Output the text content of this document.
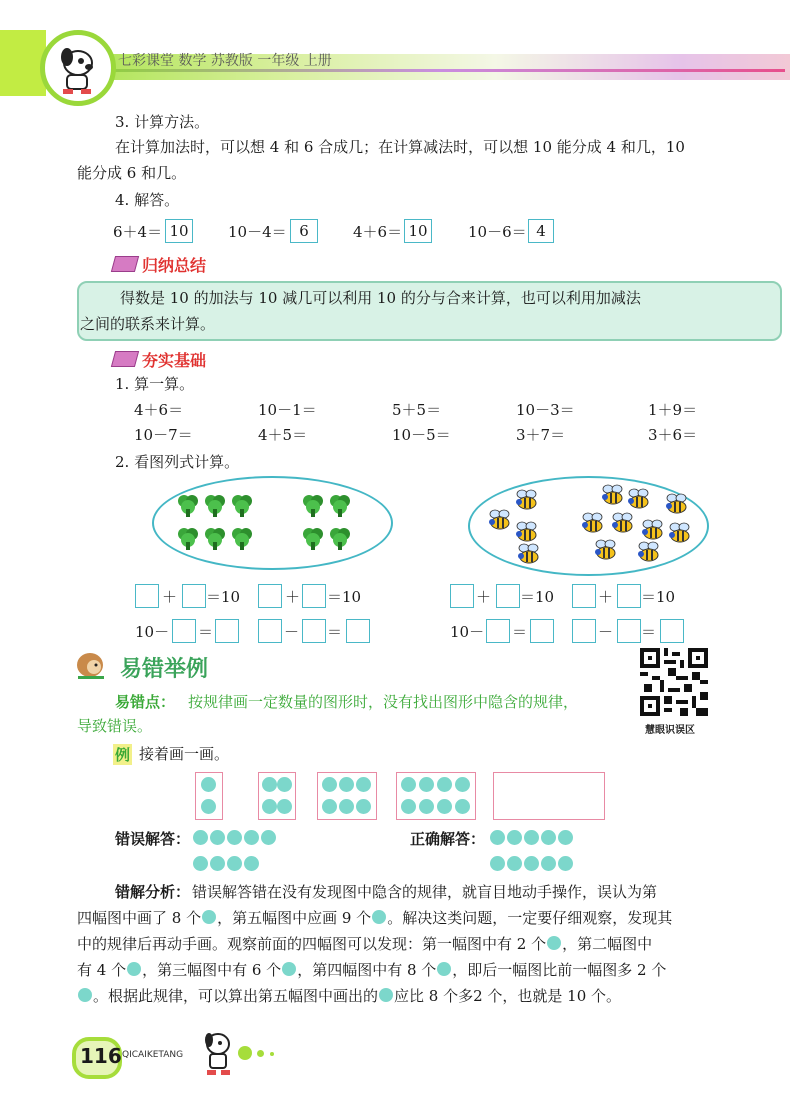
七彩课堂 数学 苏教版 一年级 上册
3. 计算方法。
在计算加法时，可以想 4 和 6 合成几；在计算减法时，可以想 10 能分成 4 和几，10
能分成 6 和几。
4. 解答。
6＋4＝ 10	10－4＝ 6	4＋6＝ 10	10－6＝ 4
归纳总结
得数是 10 的加法与 10 减几可以利用 10 的分与合来计算，也可以利用加减法
之间的联系来计算。
夯实基础
1. 算一算。
4＋6＝	10－1＝	5＋5＝	10－3＝	1＋9＝
10－7＝	4＋5＝	10－5＝	3＋7＝	3＋6＝
2. 看图列式计算。
＋ ＝10	＋ ＝10
10－ ＝	－ ＝
＋ ＝10	＋ ＝10
10－ ＝	－ ＝
易错举例
慧眼识误区
易错点： 按规律画一定数量的图形时，没有找出图形中隐含的规律，
导致错误。
例 接着画一画。
错误解答：	正确解答：
错解分析： 错误解答错在没有发现图中隐含的规律，就盲目地动手操作，误认为第
四幅图中画了 8 个 ，第五幅图中应画 9 个 。解决这类问题，一定要仔细观察，发现其
中的规律后再动手画。观察前面的四幅图可以发现：第一幅图中有 2 个 ，第二幅图中
有 4 个 ，第三幅图中有 6 个 ，第四幅图中有 8 个 ，即后一幅图比前一幅图多 2 个
。根据此规律，可以算出第五幅图中画出的 应比 8 个多2 个，也就是 10 个。
116 QICAIKETANG
